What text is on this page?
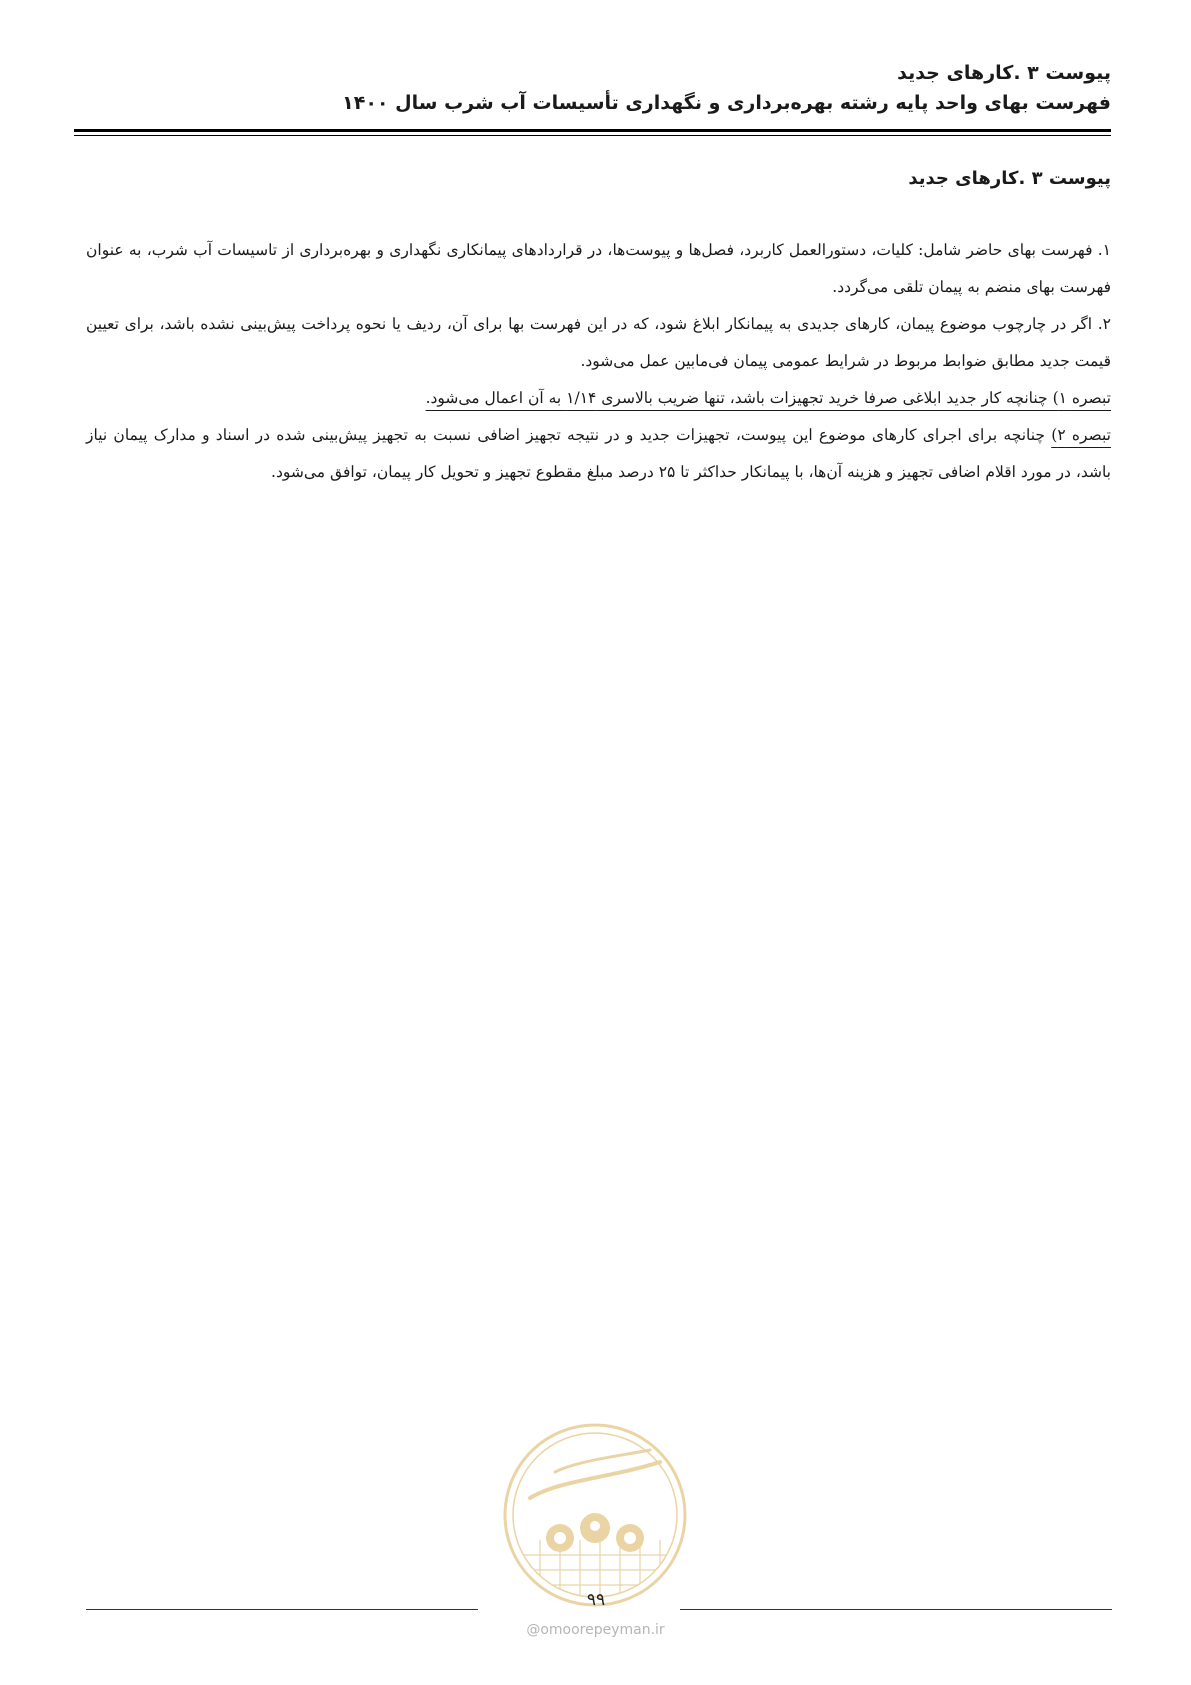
پیوست ۳ .کارهای جدید
فهرست بهای واحد پایه رشته بهره‌برداری و نگهداری تأسیسات آب شرب سال ۱۴۰۰
پیوست ۳ .کارهای جدید

۱. فهرست بهای حاضر شامل: کلیات، دستورالعمل کاربرد، فصل‌ها و پیوست‌ها، در قراردادهای پیمانکاری نگهداری و بهره‌برداری از تاسیسات آب شرب، به عنوان فهرست بهای منضم به پیمان تلقی می‌گردد.

۲. اگر در چارچوب موضوع پیمان، کارهای جدیدی به پیمانکار ابلاغ شود، که در این فهرست بها برای آن، ردیف یا نحوه پرداخت پیش‌بینی نشده باشد، برای تعیین قیمت جدید مطابق ضوابط مربوط در شرایط عمومی پیمان فی‌مابین عمل می‌شود.

تبصره ۱) چنانچه کار جدید ابلاغی صرفا خرید تجهیزات باشد، تنها ضریب بالاسری ۱/۱۴ به آن اعمال می‌شود.

تبصره ۲) چنانچه برای اجرای کارهای موضوع این پیوست، تجهیزات جدید و در نتیجه تجهیز اضافی نسبت به تجهیز پیش‌بینی شده در اسناد و مدارک پیمان نیاز باشد، در مورد اقلام اضافی تجهیز و هزینه آن‌ها، با پیمانکار حداکثر تا ۲۵ درصد مبلغ مقطوع تجهیز و تحویل کار پیمان، توافق می‌شود.

۹۹
@omoorepeyman.ir
